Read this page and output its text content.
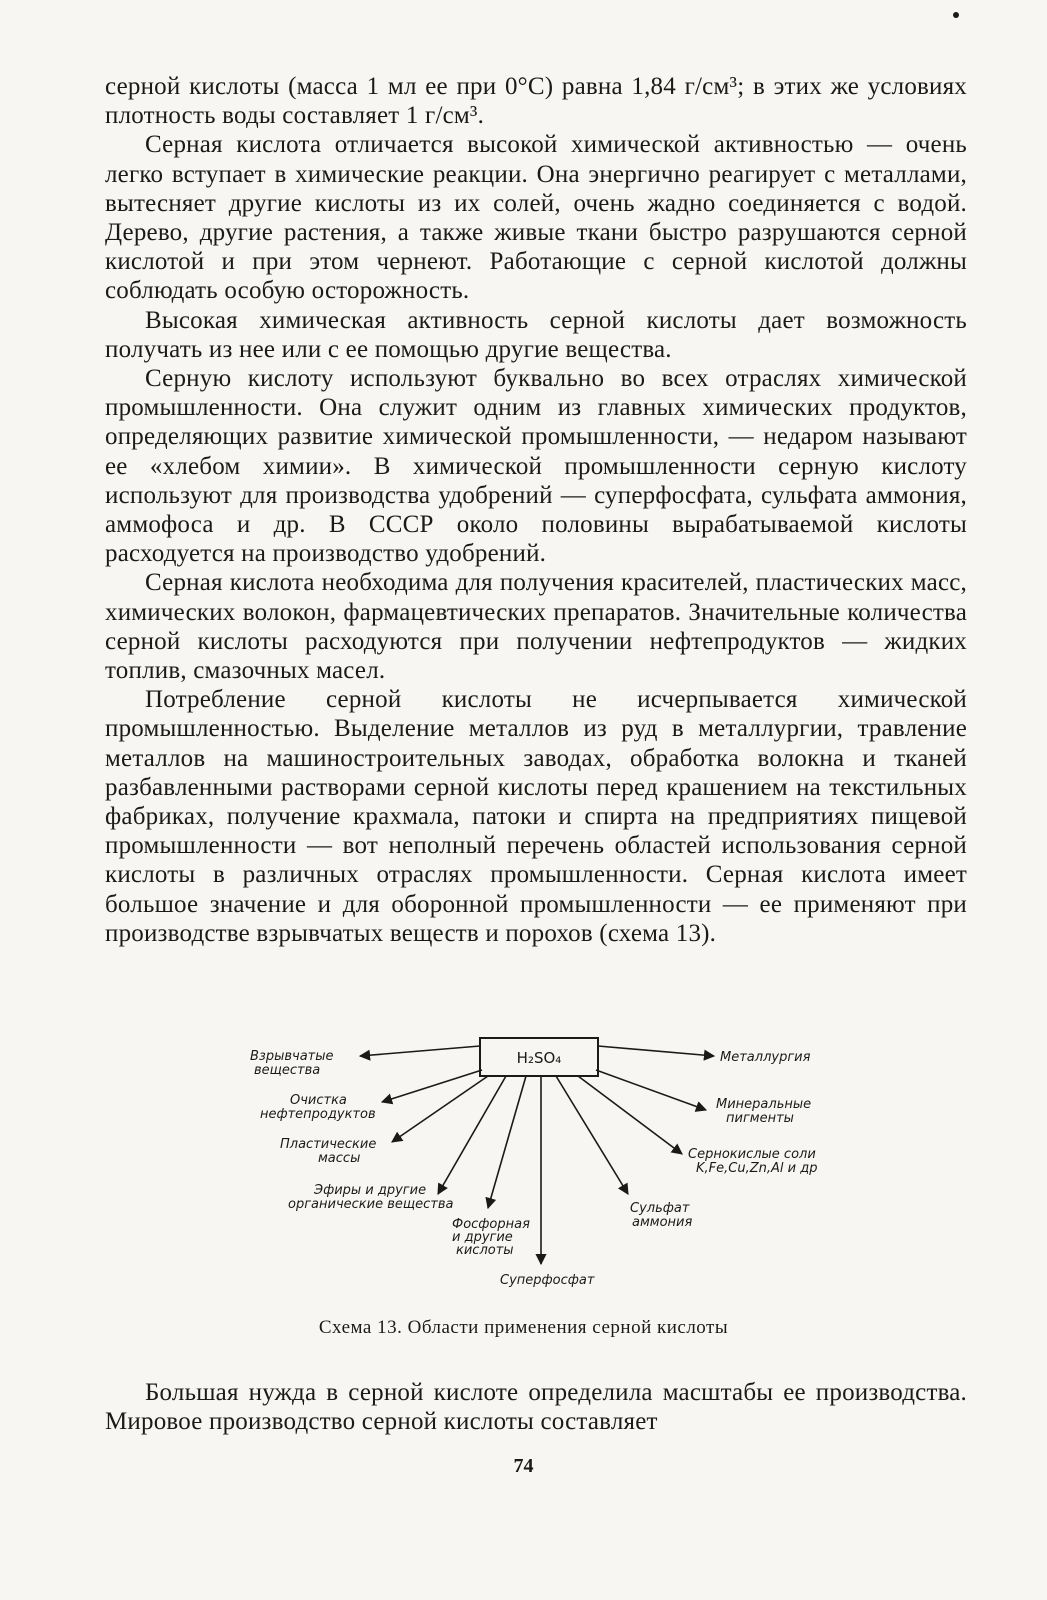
серной кислоты (масса 1 мл ее при 0°С) равна 1,84 г/см³; в этих же условиях плотность воды составляет 1 г/см³.

Серная кислота отличается высокой химической активностью — очень легко вступает в химические реакции. Она энергично реагирует с металлами, вытесняет другие кислоты из их солей, очень жадно соединяется с водой. Дерево, другие растения, а также живые ткани быстро разрушаются серной кислотой и при этом чернеют. Работающие с серной кислотой должны соблюдать особую осторожность.

Высокая химическая активность серной кислоты дает возможность получать из нее или с ее помощью другие вещества.

Серную кислоту используют буквально во всех отраслях химической промышленности. Она служит одним из главных химических продуктов, определяющих развитие химической промышленности, — недаром называют ее «хлебом химии». В химической промышленности серную кислоту используют для производства удобрений — суперфосфата, сульфата аммония, аммофоса и др. В СССР около половины вырабатываемой кислоты расходуется на производство удобрений.

Серная кислота необходима для получения красителей, пластических масс, химических волокон, фармацевтических препаратов. Значительные количества серной кислоты расходуются при получении нефтепродуктов — жидких топлив, смазочных масел.

Потребление серной кислоты не исчерпывается химической промышленностью. Выделение металлов из руд в металлургии, травление металлов на машиностроительных заводах, обработка волокна и тканей разбавленными растворами серной кислоты перед крашением на текстильных фабриках, получение крахмала, патоки и спирта на предприятиях пищевой промышленности — вот неполный перечень областей использования серной кислоты в различных отраслях промышленности. Серная кислота имеет большое значение и для оборонной промышленности — ее применяют при производстве взрывчатых веществ и порохов (схема 13).

H₂SO₄
Взрывчатые
вещества
Очистка
нефтепродуктов
Пластические
массы
Эфиры и другие
органические вещества
Фосфорная
и другие
кислоты
Суперфосфат
Сульфат
аммония
Сернокислые соли
K,Fe,Cu,Zn,Al и др
Минеральные
пигменты
Металлургия
Схема 13. Области применения серной кислоты

Большая нужда в серной кислоте определила масштабы ее производства. Мировое производство серной кислоты составляет

74
